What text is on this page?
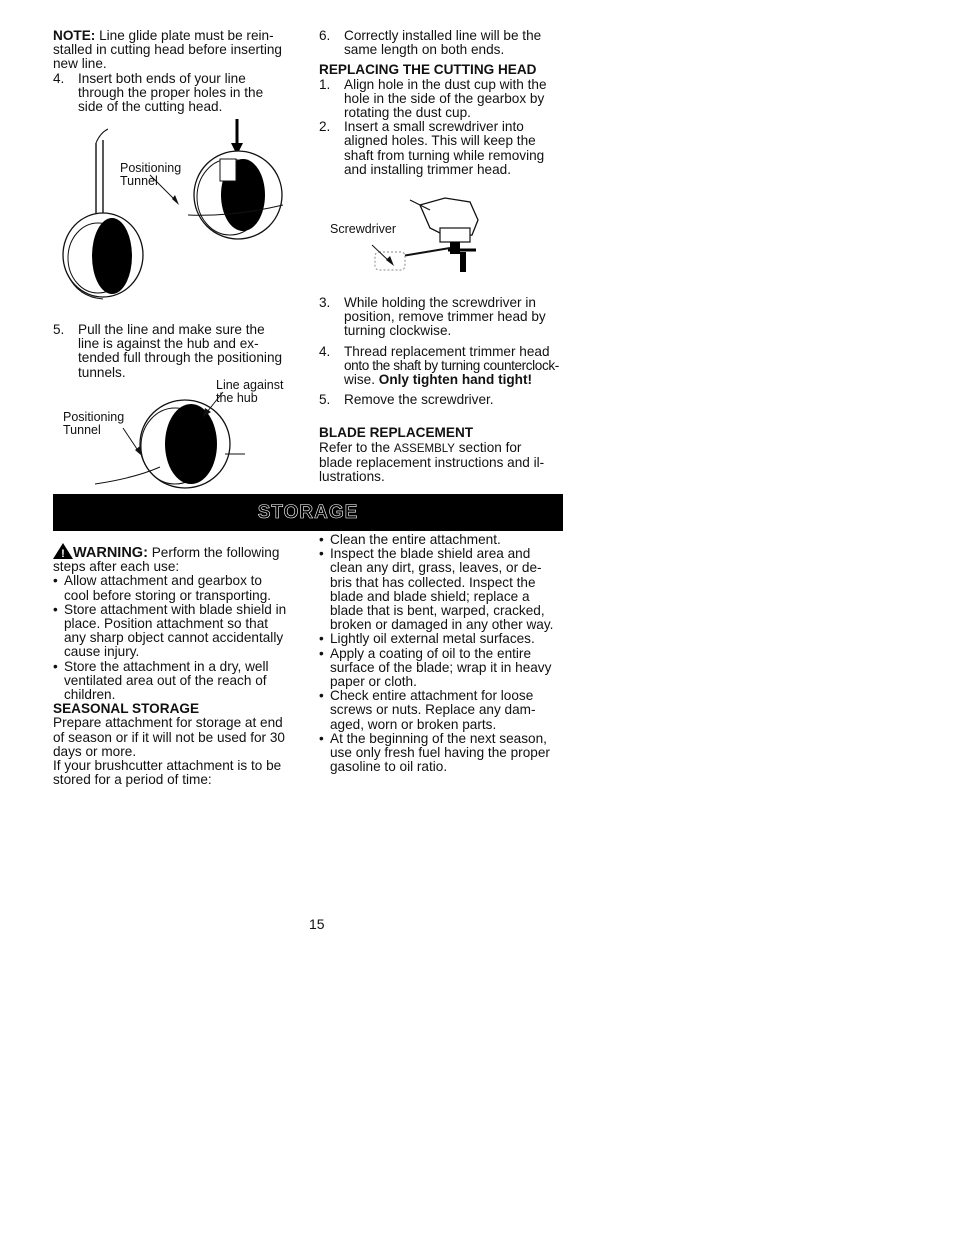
NOTE: Line glide plate must be rein-

stalled in cutting head before inserting

new line.

4. Insert both ends of your line

through the proper holes in the

side of the cutting head.

Positioning
Tunnel
5. Pull the line and make sure the

line is against the hub and ex-

tended full through the positioning

tunnels.

Line against
the hub
Positioning
Tunnel
6. Correctly installed line will be the

same length on both ends.

REPLACING THE CUTTING HEAD

1. Align hole in the dust cup with the

hole in the side of the gearbox by

rotating the dust cup.

2. Insert a small screwdriver into

aligned holes. This will keep the

shaft from turning while removing

and installing trimmer head.

Screwdriver
3. While holding the screwdriver in

position, remove trimmer head by

turning clockwise.

4. Thread replacement trimmer head

onto the shaft by turning counterclock-

wise. Only tighten hand tight!

5. Remove the screwdriver.

BLADE REPLACEMENT

Refer to the ASSEMBLY section for

blade replacement instructions and il-

lustrations.

STORAGE

! WARNING: Perform the following

steps after each use:

• Allow attachment and gearbox to

cool before storing or transporting.

• Store attachment with blade shield in

place. Position attachment so that

any sharp object cannot accidentally

cause injury.

• Store the attachment in a dry, well

ventilated area out of the reach of

children.

SEASONAL STORAGE

Prepare attachment for storage at end

of season or if it will not be used for 30

days or more.

If your brushcutter attachment is to be

stored for a period of time:

• Clean the entire attachment.

• Inspect the blade shield area and

clean any dirt, grass, leaves, or de-

bris that has collected. Inspect the

blade and blade shield; replace a

blade that is bent, warped, cracked,

broken or damaged in any other way.

• Lightly oil external metal surfaces.

• Apply a coating of oil to the entire

surface of the blade; wrap it in heavy

paper or cloth.

• Check entire attachment for loose

screws or nuts. Replace any dam-

aged, worn or broken parts.

• At the beginning of the next season,

use only fresh fuel having the proper

gasoline to oil ratio.

15
